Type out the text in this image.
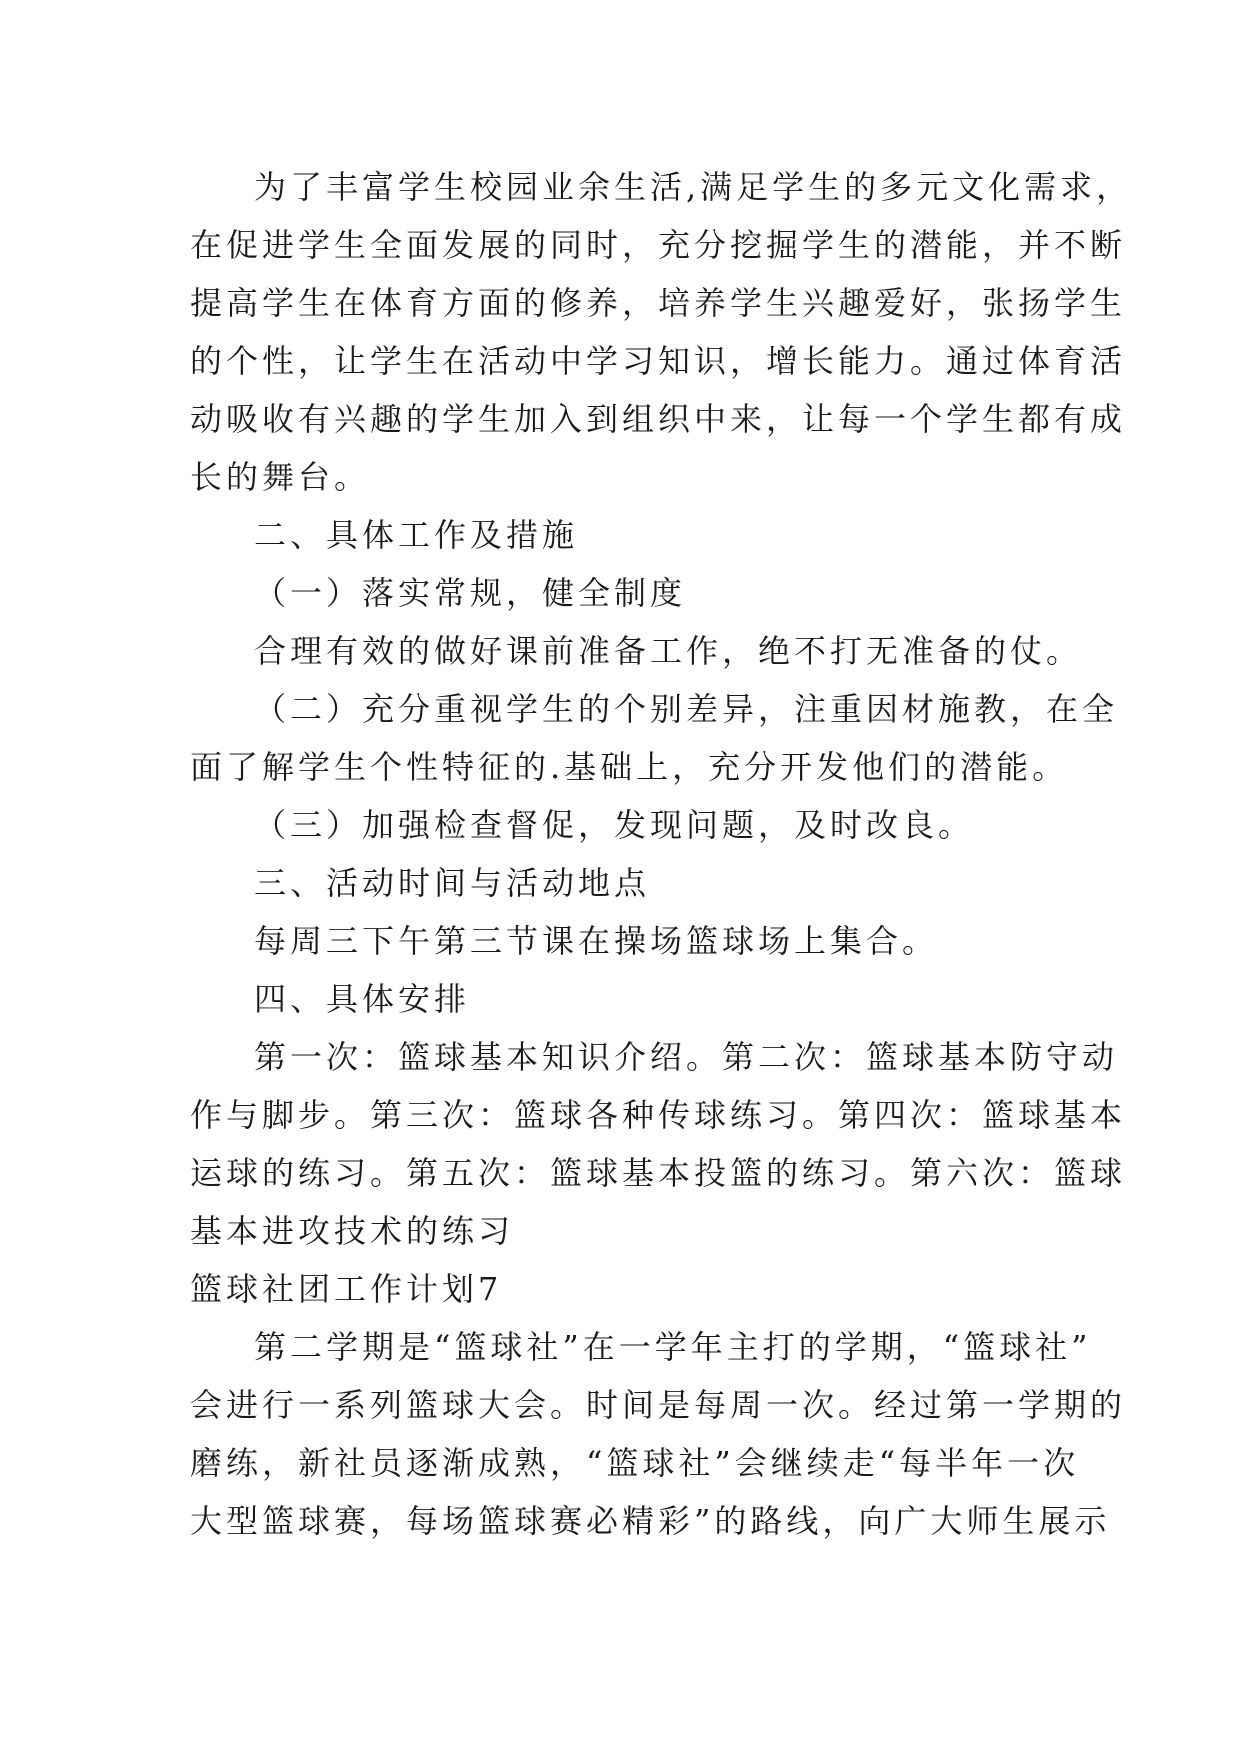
为了丰富学生校园业余生活,满足学生的多元文化需求，
在促进学生全面发展的同时，充分挖掘学生的潜能，并不断
提高学生在体育方面的修养，培养学生兴趣爱好，张扬学生
的个性，让学生在活动中学习知识，增长能力。通过体育活
动吸收有兴趣的学生加入到组织中来，让每一个学生都有成
长的舞台。
二、具体工作及措施
（一）落实常规，健全制度
合理有效的做好课前准备工作，绝不打无准备的仗。
（二）充分重视学生的个别差异，注重因材施教，在全
面了解学生个性特征的.基础上，充分开发他们的潜能。
（三）加强检查督促，发现问题，及时改良。
三、活动时间与活动地点
每周三下午第三节课在操场篮球场上集合。
四、具体安排
第一次：篮球基本知识介绍。第二次：篮球基本防守动
作与脚步。第三次：篮球各种传球练习。第四次：篮球基本
运球的练习。第五次：篮球基本投篮的练习。第六次：篮球
基本进攻技术的练习
篮球社团工作计划7
第二学期是“篮球社”在一学年主打的学期，“篮球社”
会进行一系列篮球大会。时间是每周一次。经过第一学期的
磨练，新社员逐渐成熟，“篮球社”会继续走“每半年一次
大型篮球赛，每场篮球赛必精彩”的路线，向广大师生展示
